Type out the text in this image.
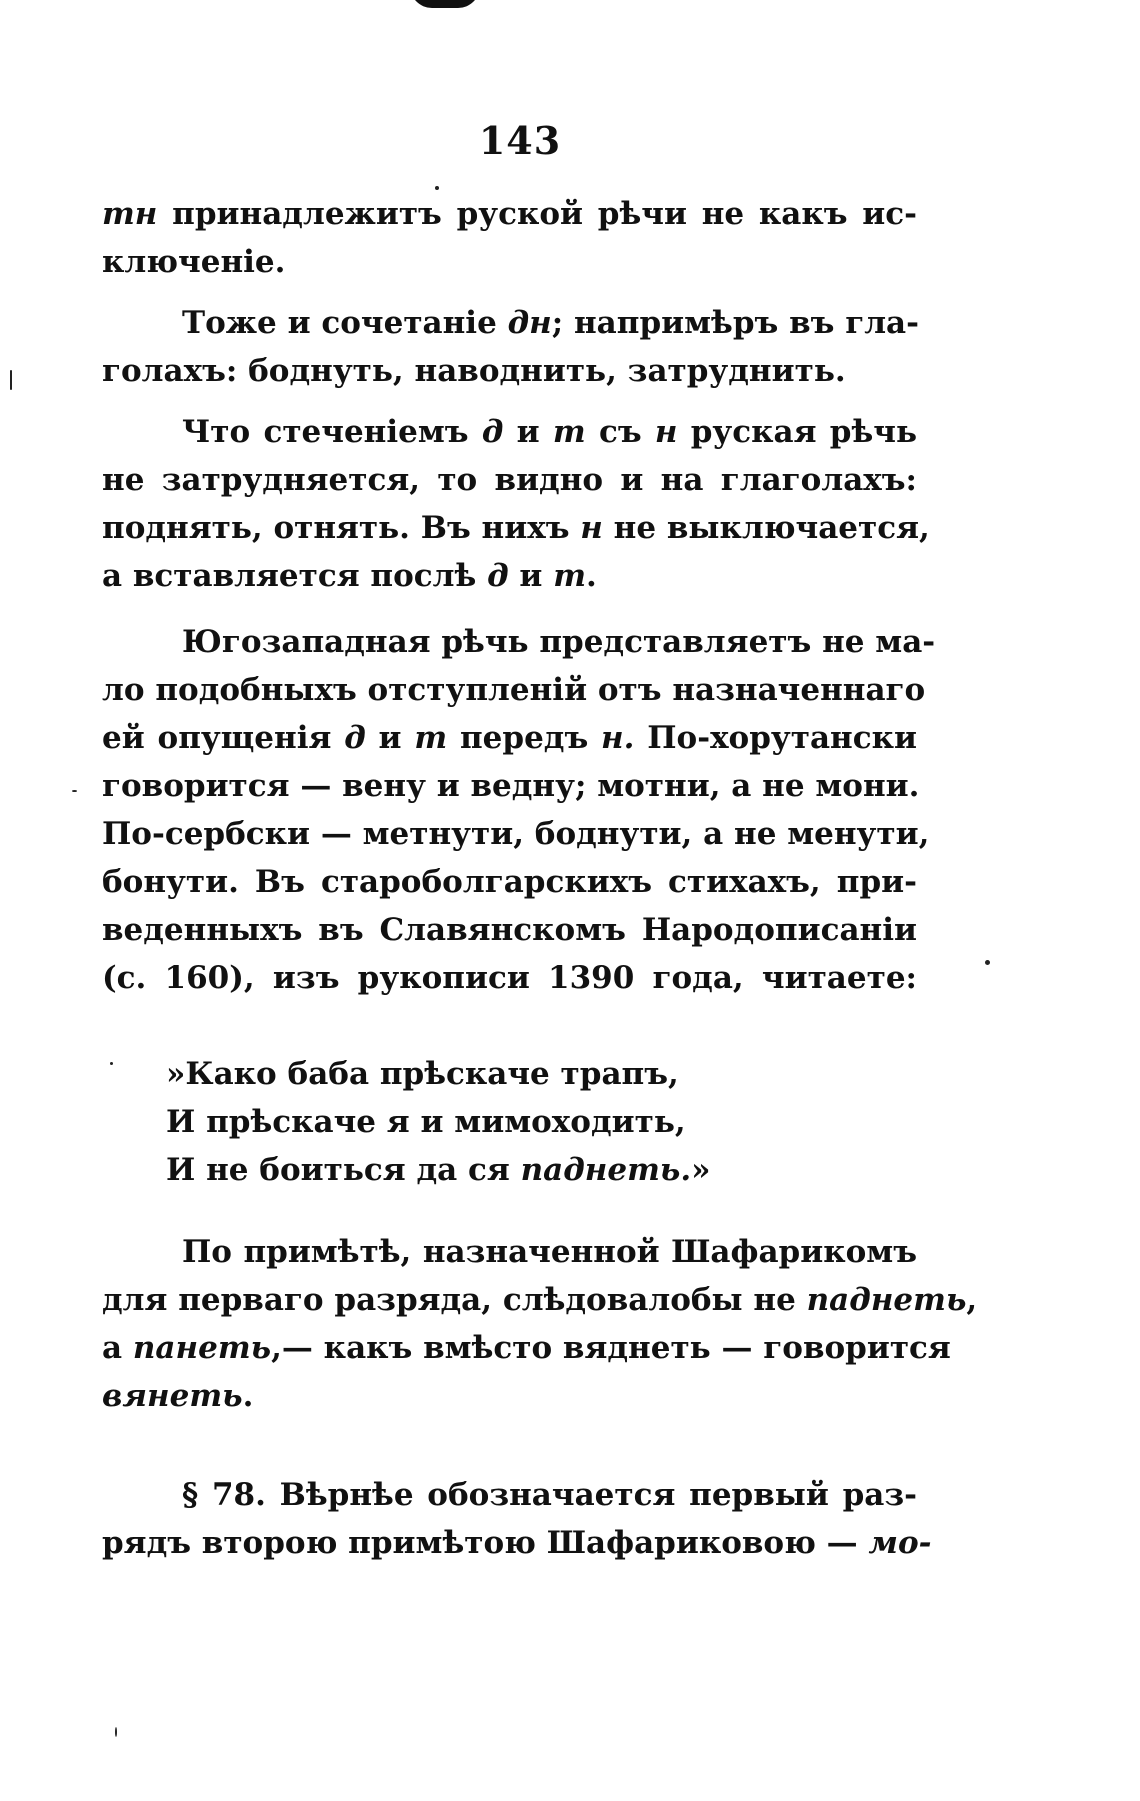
143
тн принадлежитъ руской рѣчи не какъ ис-
ключеніе.
Тоже и сочетаніе дн; напримѣръ въ гла-
голахъ: боднуть, наводнить, затруднить.
Что стеченіемъ д и т съ н руская рѣчь
не затрудняется, то видно и на глаголахъ:
поднять, отнять. Въ нихъ н не выключается,
а вставляется послѣ д и т.
Югозападная рѣчь представляетъ не ма-
ло подобныхъ отступленій отъ назначеннаго
ей опущенія д и т передъ н. По-хорутански
говорится — вену и ведну; мотни, а не мони.
По-сербски — метнути, боднути, а не менути,
бонути. Въ староболгарскихъ стихахъ, при-
веденныхъ въ Славянскомъ Народописаніи
(с. 160), изъ рукописи 1390 года, читаете:
»Како баба прѣскаче трапъ,
И прѣскаче я и мимоходить,
И не боиться да ся паднеть.»
По примѣтѣ, назначенной Шафарикомъ
для перваго разряда, слѣдовалобы не паднеть,
а панеть,— какъ вмѣсто вяднеть — говорится
вянеть.
§ 78. Вѣрнѣе обозначается первый раз-
рядъ второю примѣтою Шафариковою — мо-
